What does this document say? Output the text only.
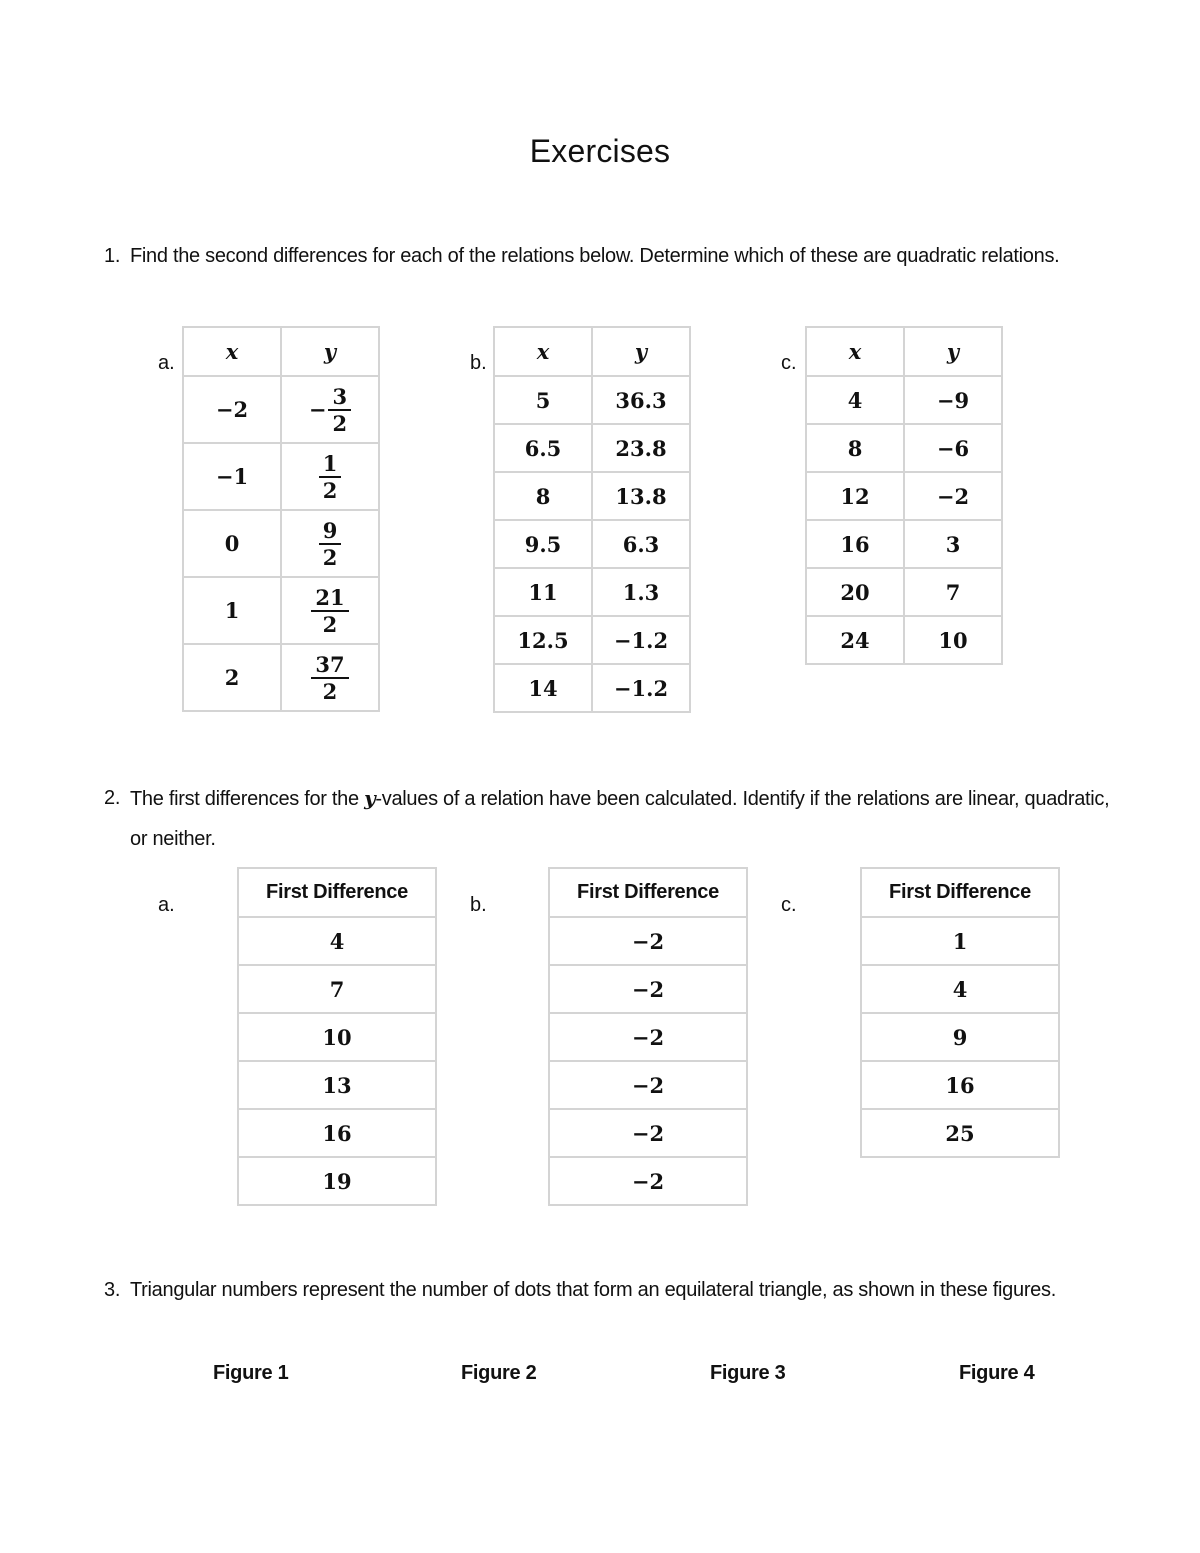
Exercises
1. Find the second differences for each of the relations below. Determine which of these are quadratic relations.
a. x	y
−2	− $\frac{3}{2}$

−1	$\frac{1}{2}$

0	$\frac{9}{2}$

1	$\frac{21}{2}$

2	$\frac{37}{2}$
b. x	y
5	36.3
6.5	23.8
8	13.8
9.5	6.3
11	1.3
12.5	−1.2
14	−1.2
c. x	y
4	−9
8	−6
12	−2
16	3
20	7
24	10
2. The first differences for the y-values of a relation have been calculated. Identify if the relations are linear, quadratic, or neither.
a.
First Difference
4
7
10
13
16
19
b.
First Difference
−2
−2
−2
−2
−2
−2
c.
First Difference
1
4
9
16
25
3. Triangular numbers represent the number of dots that form an equilateral triangle, as shown in these figures.
Figure 1	Figure 2	Figure 3	Figure 4
